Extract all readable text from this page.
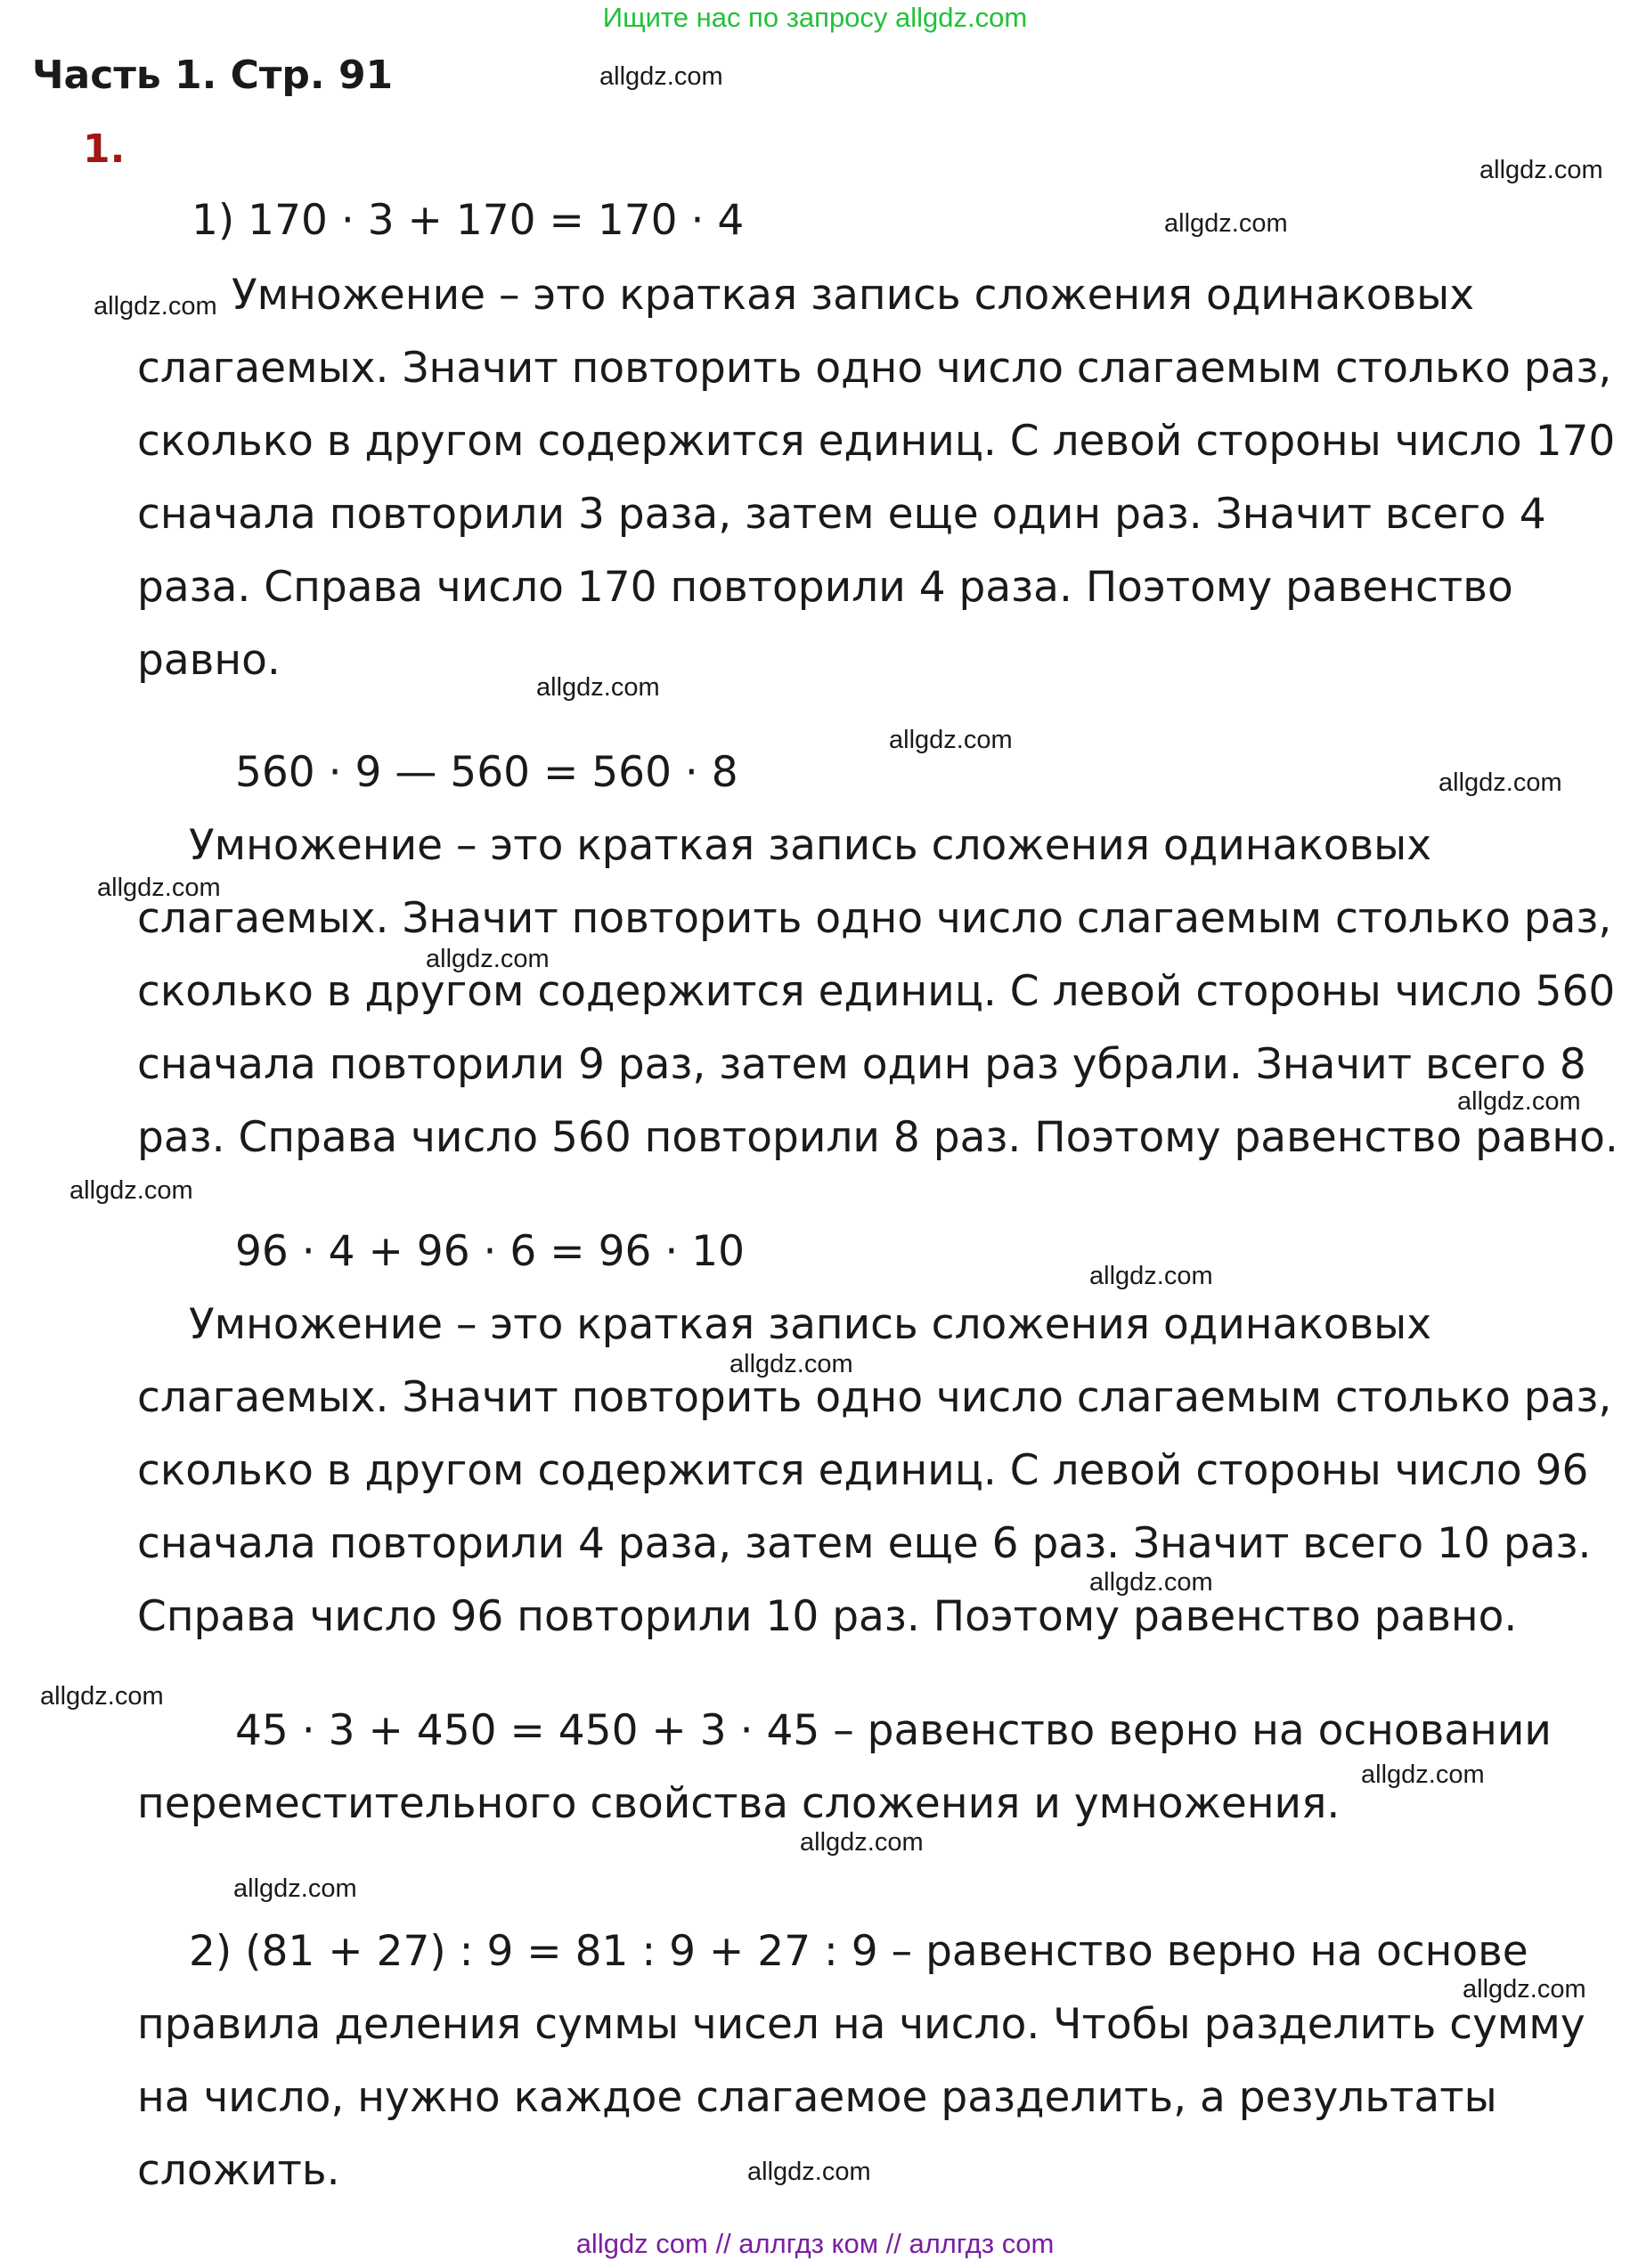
Ищите нас по запросу allgdz.com
Часть 1. Стр. 91
1.
1) 170 · 3 + 170 = 170 · 4
Умножение – это краткая запись сложения одинаковых
слагаемых. Значит повторить одно число слагаемым столько раз,
сколько в другом содержится единиц. С левой стороны число 170
сначала повторили 3 раза, затем еще один раз. Значит всего 4
раза. Справа число 170 повторили 4 раза. Поэтому равенство
равно.
560 · 9 — 560 = 560 · 8
Умножение – это краткая запись сложения одинаковых
слагаемых. Значит повторить одно число слагаемым столько раз,
сколько в другом содержится единиц. С левой стороны число 560
сначала повторили 9 раз, затем один раз убрали. Значит всего 8
раз. Справа число 560 повторили 8 раз. Поэтому равенство равно.
96 · 4 + 96 · 6 = 96 · 10
Умножение – это краткая запись сложения одинаковых
слагаемых. Значит повторить одно число слагаемым столько раз,
сколько в другом содержится единиц. С левой стороны число 96
сначала повторили 4 раза, затем еще 6 раз. Значит всего 10 раз.
Справа число 96 повторили 10 раз. Поэтому равенство равно.
45 · 3 + 450 = 450 + 3 · 45 – равенство верно на основании
переместительного свойства сложения и умножения.
2) (81 + 27) : 9 = 81 : 9 + 27 : 9 – равенство верно на основе
правила деления суммы чисел на число. Чтобы разделить сумму
на число, нужно каждое слагаемое разделить, а результаты
сложить.
allgdz.com
allgdz.com
allgdz.com
allgdz.com
allgdz.com
allgdz.com
allgdz.com
allgdz.com
allgdz.com
allgdz.com
allgdz.com
allgdz.com
allgdz.com
allgdz.com
allgdz.com
allgdz.com
allgdz.com
allgdz.com
allgdz.com
allgdz.com
allgdz com // аллгдз ком // аллгдз com
